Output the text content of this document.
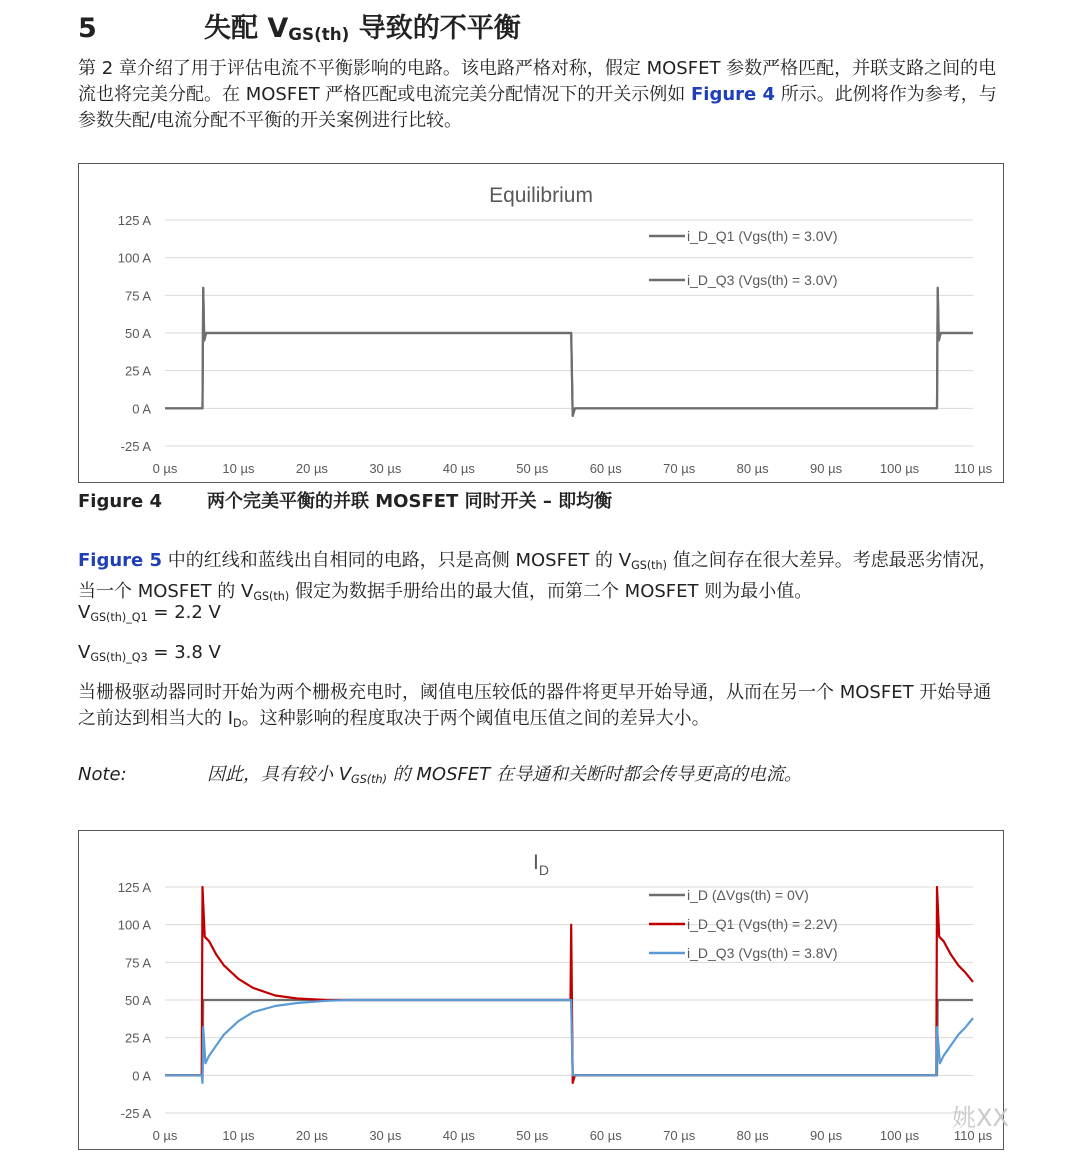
5	失配 $V_{GS(th)}$ 导致的不平衡
第 2 章介绍了用于评估电流不平衡影响的电路。该电路严格对称，假定 MOSFET 参数严格匹配，并联支路之间的电流也将完美分配。在 MOSFET 严格匹配或电流完美分配情况下的开关示例如 Figure 4 所示。此例将作为参考，与参数失配/电流分配不平衡的开关案例进行比较。
Equilibrium
125 A
100 A
75 A
50 A
25 A
0 A
-25 A
0 µs	10 µs	20 µs	30 µs	40 µs	50 µs	60 µs	70 µs	80 µs	90 µs	100 µs	110 µs
i_D_Q1 (Vgs(th) = 3.0V)
i_D_Q3 (Vgs(th) = 3.0V)
Figure 4 两个完美平衡的并联 MOSFET 同时开关 – 即均衡
Figure 5 中的红线和蓝线出自相同的电路，只是高侧 MOSFET 的 $V_{GS(th)}$ 值之间存在很大差异。考虑最恶劣情况，当一个 MOSFET 的 $V_{GS(th)}$ 假定为数据手册给出的最大值，而第二个 MOSFET 则为最小值。
$V_{GS(th)\_Q1} = 2.2$ V
$V_{GS(th)\_Q3} = 3.8$ V
当栅极驱动器同时开始为两个栅极充电时，阈值电压较低的器件将更早开始导通，从而在另一个 MOSFET 开始导通之前达到相当大的 $I_D$。这种影响的程度取决于两个阈值电压值之间的差异大小。
Note:	因此，具有较小 $V_{GS(th)}$ 的 MOSFET 在导通和关断时都会传导更高的电流。
$I_D$
125 A
100 A
75 A
50 A
25 A
0 A
-25 A
0 µs	10 µs	20 µs	30 µs	40 µs	50 µs	60 µs	70 µs	80 µs	90 µs	100 µs	110 µs
i_D (ΔVgs(th) = 0V)
i_D_Q1 (Vgs(th) = 2.2V)
i_D_Q3 (Vgs(th) = 3.8V)
姚XX
